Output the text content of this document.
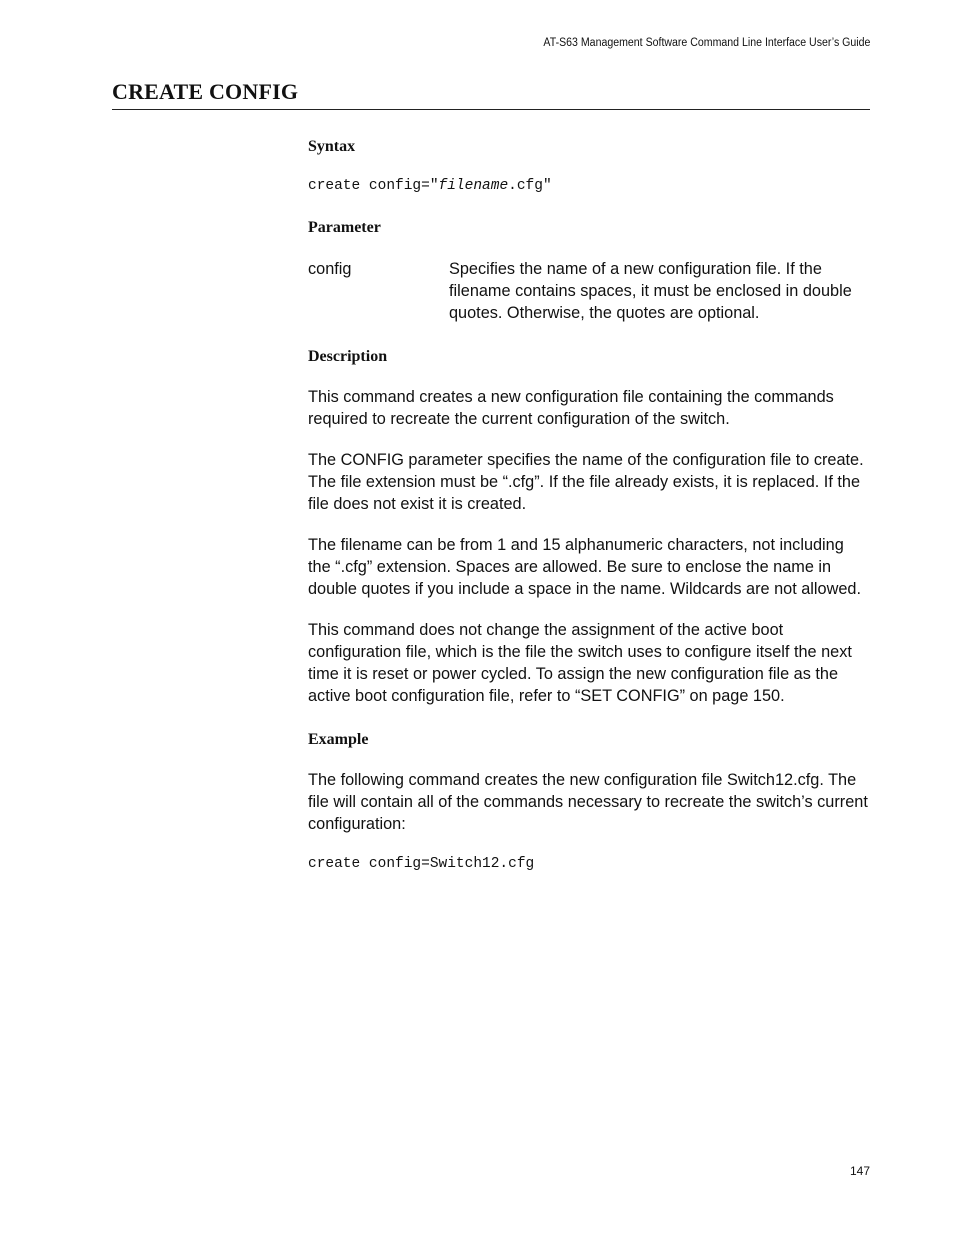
AT-S63 Management Software Command Line Interface User’s Guide
CREATE CONFIG
Syntax

create config="filename.cfg"

Parameter
config	Specifies the name of a new configuration file. If the filename contains spaces, it must be enclosed in double quotes. Otherwise, the quotes are optional.
Description

This command creates a new configuration file containing the commands required to recreate the current configuration of the switch.

The CONFIG parameter specifies the name of the configuration file to create. The file extension must be “.cfg”. If the file already exists, it is replaced. If the file does not exist it is created.

The filename can be from 1 and 15 alphanumeric characters, not including the “.cfg” extension. Spaces are allowed. Be sure to enclose the name in double quotes if you include a space in the name. Wildcards are not allowed.

This command does not change the assignment of the active boot configuration file, which is the file the switch uses to configure itself the next time it is reset or power cycled. To assign the new configuration file as the active boot configuration file, refer to “SET CONFIG” on page 150.

Example

The following command creates the new configuration file Switch12.cfg. The file will contain all of the commands necessary to recreate the switch’s current configuration:

create config=Switch12.cfg

147
